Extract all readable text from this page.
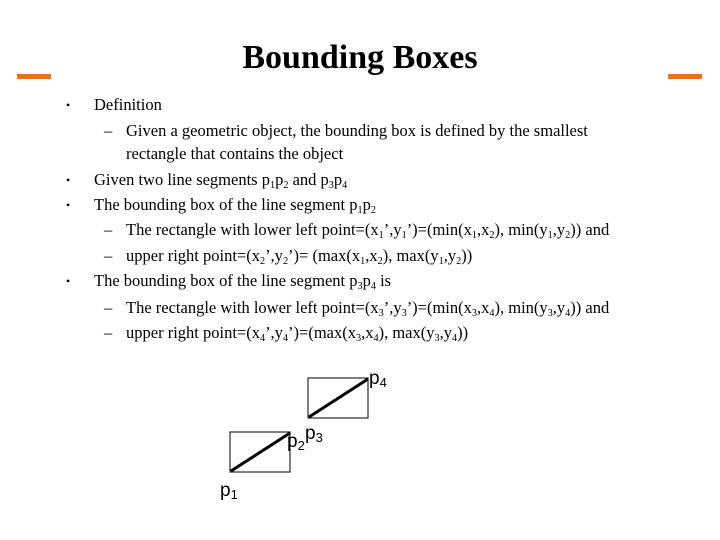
Bounding Boxes
•
•
•
•
–
–
–
–
–
Definition
Given a geometric object, the bounding box is defined by the smallest
rectangle that contains the object
Given two line segments $p_1p_2$ and $p_3p_4$
The bounding box of the line segment $p_1p_2$
The rectangle with lower left $point=(x_1’,y_1’)=(\min(x_1,x_2)$, $\min(y_1,y_2)$) and
upper right $point=(x_2’,y_2’)= (\max(x_1,x_2)$, $\max(y_1,y_2)$)
The bounding box of the line segment $p_3p_4$ is
The rectangle with lower left $point=(x_3’,y_3’)=(\min(x_3,x_4)$, $\min(y_3,y_4)$) and
upper right $point=(x_4’,y_4’)=(\max(x_3,x_4)$, $\max(y_3,y_4)$)
p1
p2
p3
p4
